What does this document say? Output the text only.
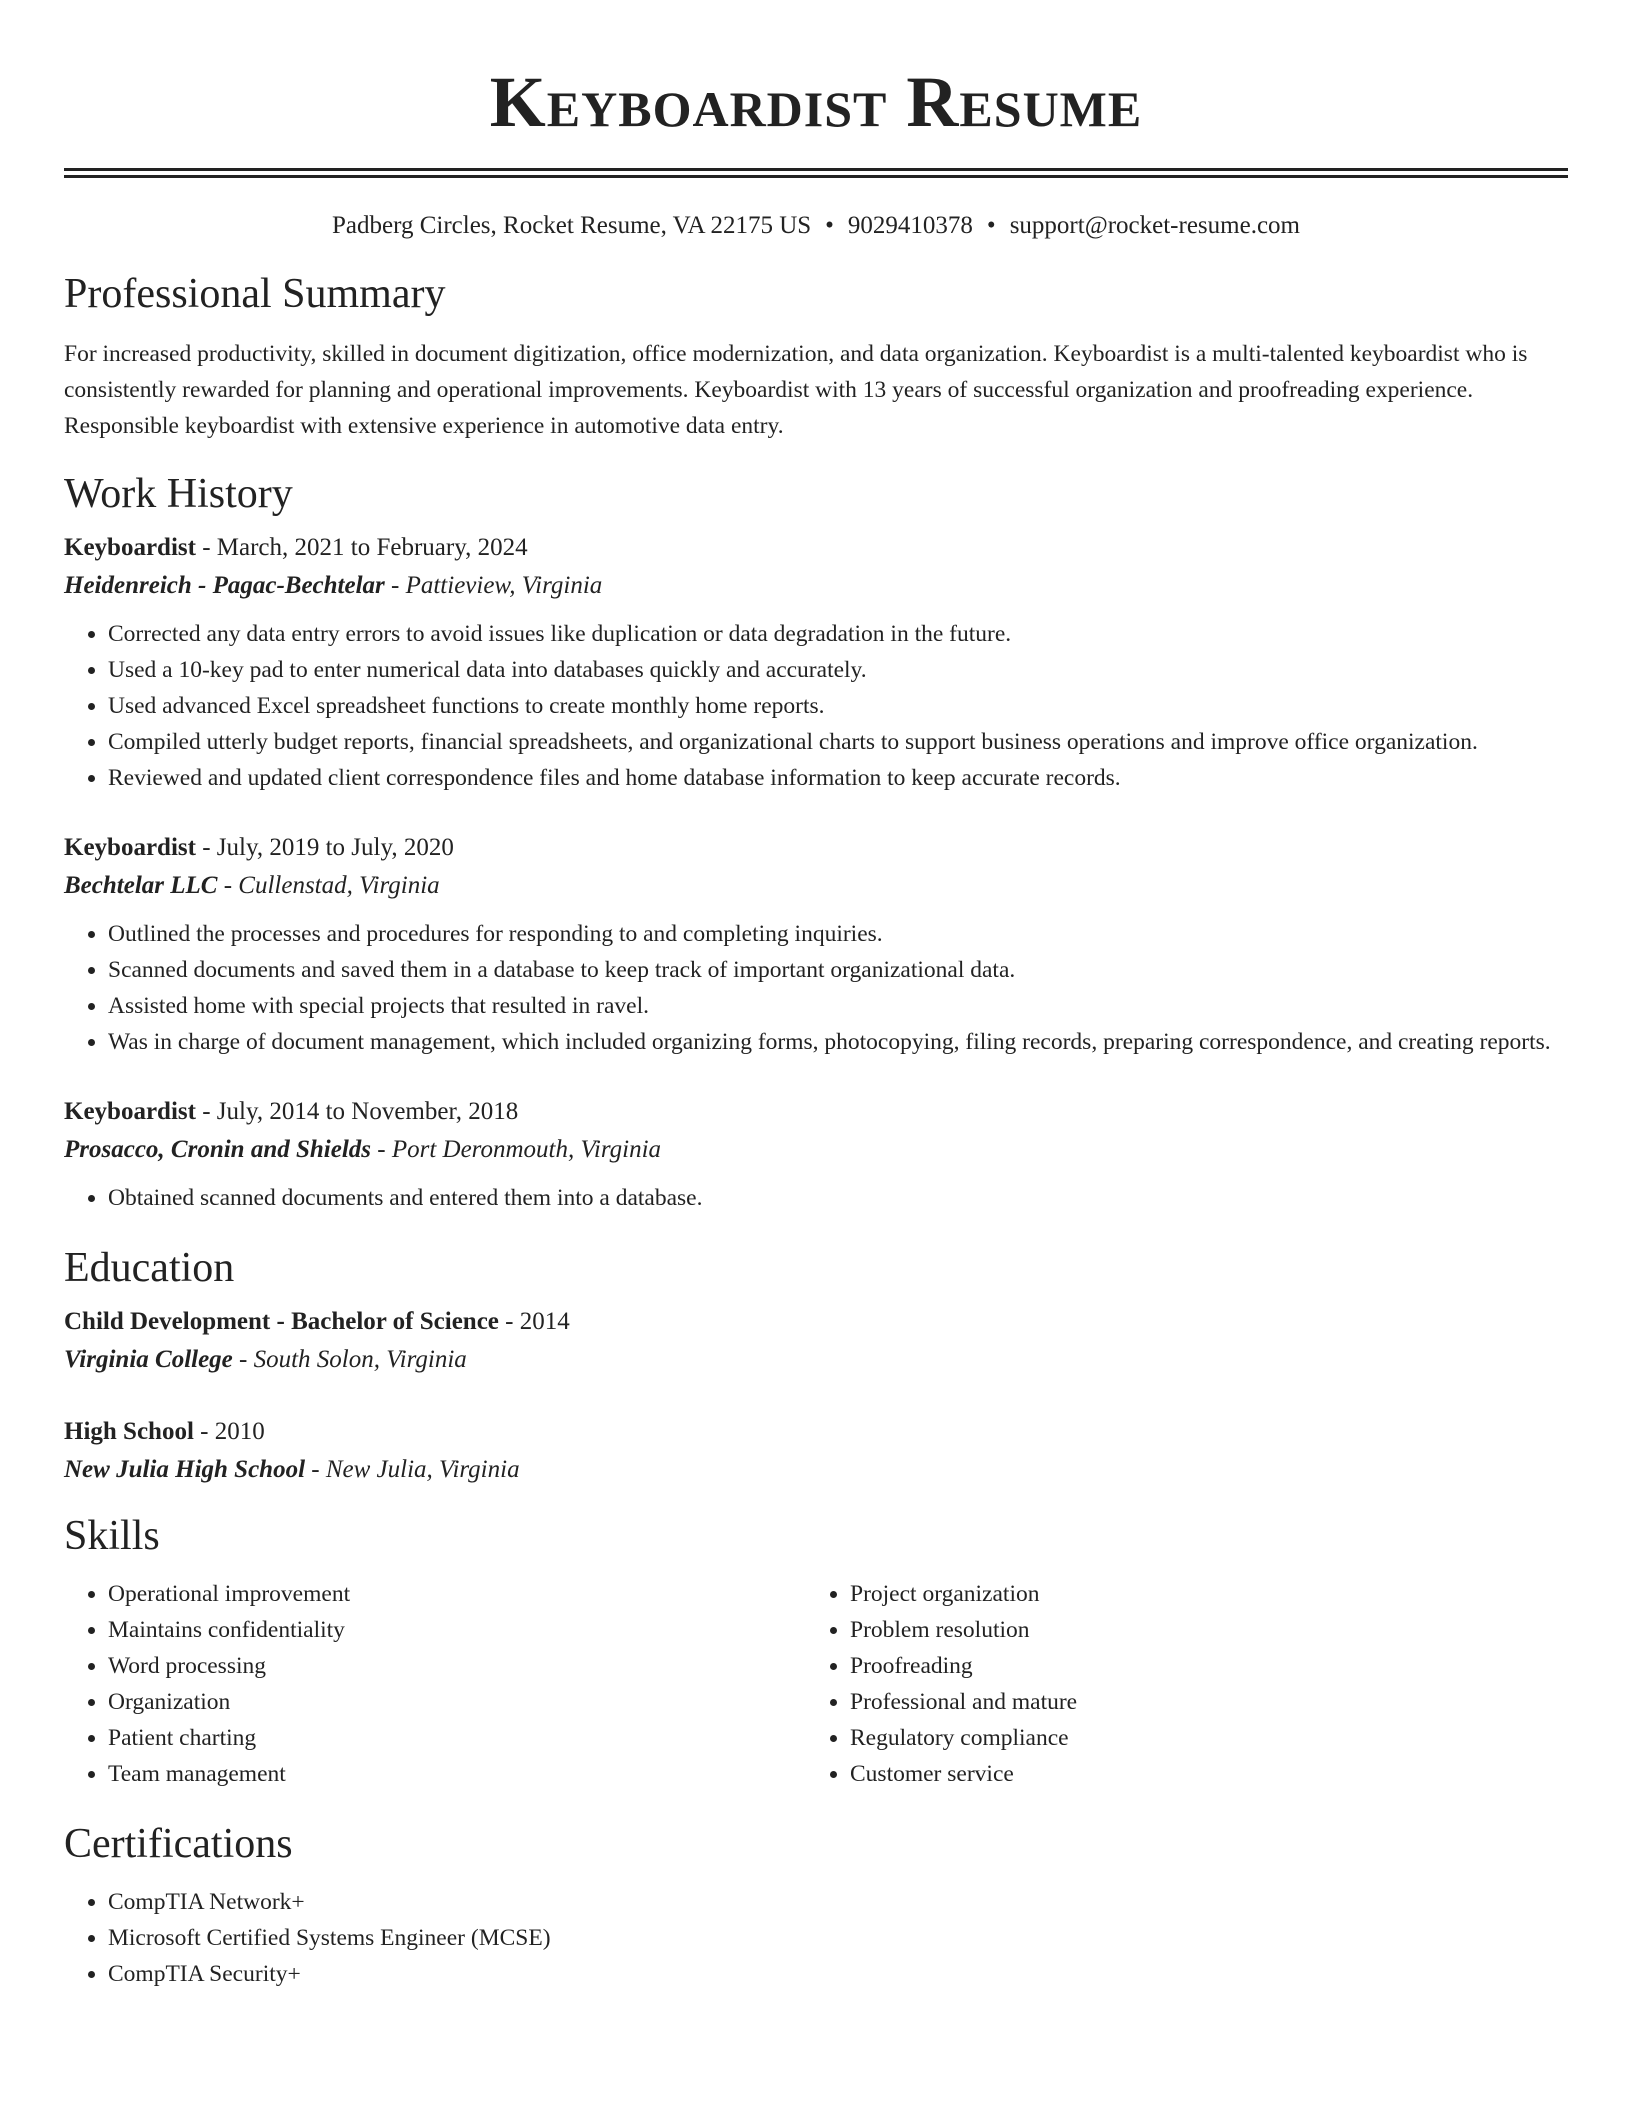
Keyboardist Resume
Padberg Circles, Rocket Resume, VA 22175 US • 9029410378 • support@rocket-resume.com
Professional Summary

For increased productivity, skilled in document digitization, office modernization, and data organization. Keyboardist is a multi-talented keyboardist who is consistently rewarded for planning and operational improvements. Keyboardist with 13 years of successful organization and proofreading experience. Responsible keyboardist with extensive experience in automotive data entry.

Work History
Keyboardist - March, 2021 to February, 2024
Heidenreich - Pagac-Bechtelar - Pattieview, Virginia
• Corrected any data entry errors to avoid issues like duplication or data degradation in the future.
• Used a 10-key pad to enter numerical data into databases quickly and accurately.
• Used advanced Excel spreadsheet functions to create monthly home reports.
• Compiled utterly budget reports, financial spreadsheets, and organizational charts to support business operations and improve office organization.
• Reviewed and updated client correspondence files and home database information to keep accurate records.
Keyboardist - July, 2019 to July, 2020
Bechtelar LLC - Cullenstad, Virginia
• Outlined the processes and procedures for responding to and completing inquiries.
• Scanned documents and saved them in a database to keep track of important organizational data.
• Assisted home with special projects that resulted in ravel.
• Was in charge of document management, which included organizing forms, photocopying, filing records, preparing correspondence, and creating reports.
Keyboardist - July, 2014 to November, 2018
Prosacco, Cronin and Shields - Port Deronmouth, Virginia
• Obtained scanned documents and entered them into a database.
Education
Child Development - Bachelor of Science - 2014
Virginia College - South Solon, Virginia
High School - 2010
New Julia High School - New Julia, Virginia
Skills
• Operational improvement
• Maintains confidentiality
• Word processing
• Organization
• Patient charting
• Team management
• Project organization
• Problem resolution
• Proofreading
• Professional and mature
• Regulatory compliance
• Customer service
Certifications
• CompTIA Network+
• Microsoft Certified Systems Engineer (MCSE)
• CompTIA Security+
